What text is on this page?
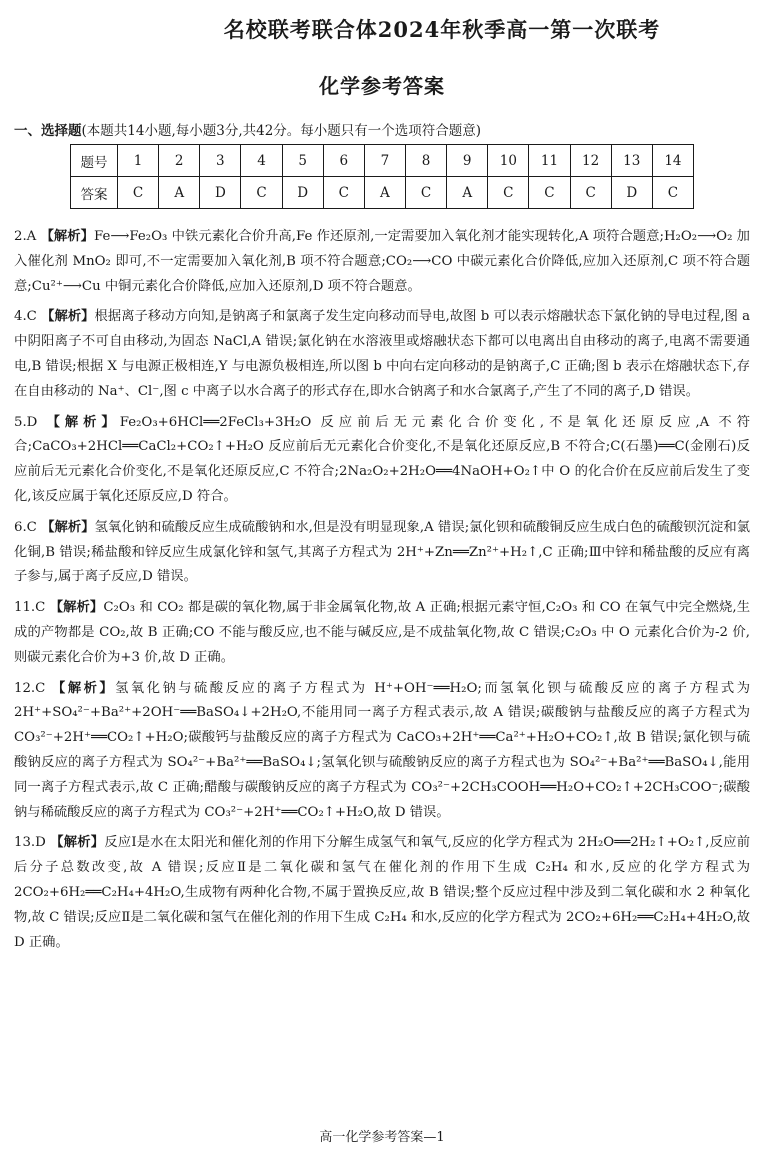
名校联考联合体2024年秋季高一第一次联考
化学参考答案
一、选择题(本题共14小题,每小题3分,共42分。每小题只有一个选项符合题意)
题号	1	2	3	4	5	6	7	8	9	10	11	12	13	14
答案	C	A	D	C	D	C	A	C	A	C	C	C	D	C

2.A 【解析】Fe⟶Fe₂O₃ 中铁元素化合价升高,Fe 作还原剂,一定需要加入氧化剂才能实现转化,A 项符合题意;H₂O₂⟶O₂ 加入催化剂 MnO₂ 即可,不一定需要加入氧化剂,B 项不符合题意;CO₂⟶CO 中碳元素化合价降低,应加入还原剂,C 项不符合题意;Cu²⁺⟶Cu 中铜元素化合价降低,应加入还原剂,D 项不符合题意。

4.C 【解析】根据离子移动方向知,是钠离子和氯离子发生定向移动而导电,故图 b 可以表示熔融状态下氯化钠的导电过程,图 a 中阴阳离子不可自由移动,为固态 NaCl,A 错误;氯化钠在水溶液里或熔融状态下都可以电离出自由移动的离子,电离不需要通电,B 错误;根据 X 与电源正极相连,Y 与电源负极相连,所以图 b 中向右定向移动的是钠离子,C 正确;图 b 表示在熔融状态下,存在自由移动的 Na⁺、Cl⁻,图 c 中离子以水合离子的形式存在,即水合钠离子和水合氯离子,产生了不同的离子,D 错误。

5.D 【解析】Fe₂O₃+6HCl══2FeCl₃+3H₂O 反应前后无元素化合价变化,不是氧化还原反应,A 不符合;CaCO₃+2HCl══CaCl₂+CO₂↑+H₂O 反应前后无元素化合价变化,不是氧化还原反应,B 不符合;C(石墨)══C(金刚石)反应前后无元素化合价变化,不是氧化还原反应,C 不符合;2Na₂O₂+2H₂O══4NaOH+O₂↑中 O 的化合价在反应前后发生了变化,该反应属于氧化还原反应,D 符合。

6.C 【解析】氢氧化钠和硫酸反应生成硫酸钠和水,但是没有明显现象,A 错误;氯化钡和硫酸铜反应生成白色的硫酸钡沉淀和氯化铜,B 错误;稀盐酸和锌反应生成氯化锌和氢气,其离子方程式为 2H⁺+Zn══Zn²⁺+H₂↑,C 正确;Ⅲ中锌和稀盐酸的反应有离子参与,属于离子反应,D 错误。

11.C 【解析】C₂O₃ 和 CO₂ 都是碳的氧化物,属于非金属氧化物,故 A 正确;根据元素守恒,C₂O₃ 和 CO 在氧气中完全燃烧,生成的产物都是 CO₂,故 B 正确;CO 不能与酸反应,也不能与碱反应,是不成盐氧化物,故 C 错误;C₂O₃ 中 O 元素化合价为-2 价,则碳元素化合价为+3 价,故 D 正确。

12.C 【解析】氢氧化钠与硫酸反应的离子方程式为 H⁺+OH⁻══H₂O;而氢氧化钡与硫酸反应的离子方程式为 2H⁺+SO₄²⁻+Ba²⁺+2OH⁻══BaSO₄↓+2H₂O,不能用同一离子方程式表示,故 A 错误;碳酸钠与盐酸反应的离子方程式为 CO₃²⁻+2H⁺══CO₂↑+H₂O;碳酸钙与盐酸反应的离子方程式为 CaCO₃+2H⁺══Ca²⁺+H₂O+CO₂↑,故 B 错误;氯化钡与硫酸钠反应的离子方程式为 SO₄²⁻+Ba²⁺══BaSO₄↓;氢氧化钡与硫酸钠反应的离子方程式也为 SO₄²⁻+Ba²⁺══BaSO₄↓,能用同一离子方程式表示,故 C 正确;醋酸与碳酸钠反应的离子方程式为 CO₃²⁻+2CH₃COOH══H₂O+CO₂↑+2CH₃COO⁻;碳酸钠与稀硫酸反应的离子方程式为 CO₃²⁻+2H⁺══CO₂↑+H₂O,故 D 错误。

13.D 【解析】反应Ⅰ是水在太阳光和催化剂的作用下分解生成氢气和氧气,反应的化学方程式为 2H₂O══2H₂↑+O₂↑,反应前后分子总数改变,故 A 错误;反应Ⅱ是二氧化碳和氢气在催化剂的作用下生成 C₂H₄ 和水,反应的化学方程式为 2CO₂+6H₂══C₂H₄+4H₂O,生成物有两种化合物,不属于置换反应,故 B 错误;整个反应过程中涉及到二氧化碳和水 2 种氧化物,故 C 错误;反应Ⅱ是二氧化碳和氢气在催化剂的作用下生成 C₂H₄ 和水,反应的化学方程式为 2CO₂+6H₂══C₂H₄+4H₂O,故 D 正确。

高一化学参考答案—1
